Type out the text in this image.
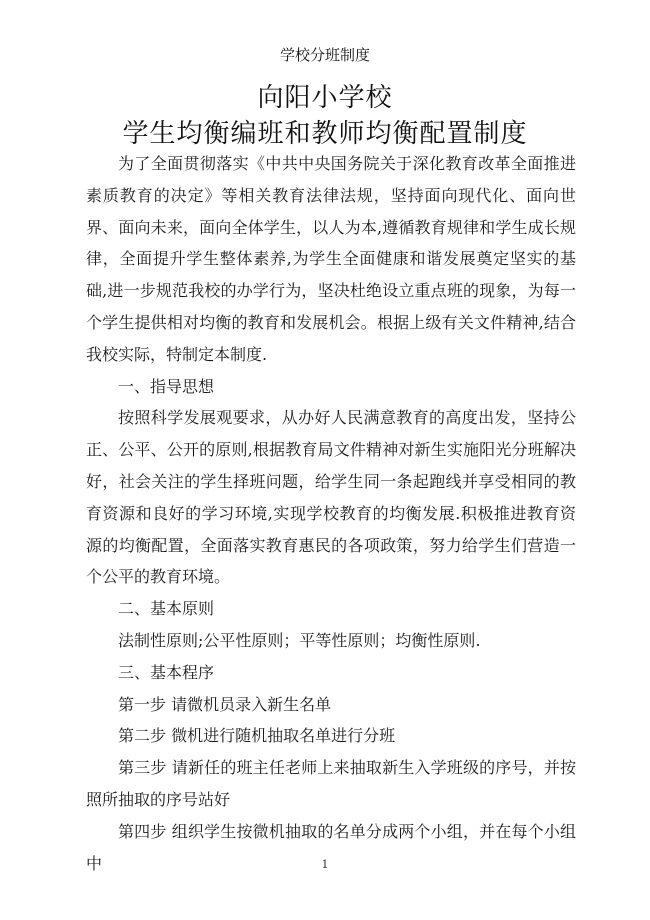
学校分班制度
向阳小学校
学生均衡编班和教师均衡配置制度

为了全面贯彻落实《中共中央国务院关于深化教育改革全面推进素质教育的决定》等相关教育法律法规，坚持面向现代化、面向世界、面向未来，面向全体学生，以人为本,遵循教育规律和学生成长规律，全面提升学生整体素养,为学生全面健康和谐发展奠定坚实的基础,进一步规范我校的办学行为，坚决杜绝设立重点班的现象，为每一个学生提供相对均衡的教育和发展机会。根据上级有关文件精神,结合我校实际，特制定本制度.

一、指导思想

按照科学发展观要求，从办好人民满意教育的高度出发，坚持公正、公平、公开的原则,根据教育局文件精神对新生实施阳光分班解决好，社会关注的学生择班问题，给学生同一条起跑线并享受相同的教育资源和良好的学习环境,实现学校教育的均衡发展.积极推进教育资源的均衡配置，全面落实教育惠民的各项政策，努力给学生们营造一个公平的教育环境。

二、基本原则

法制性原则;公平性原则；平等性原则；均衡性原则.

三、基本程序

第一步 请微机员录入新生名单

第二步 微机进行随机抽取名单进行分班

第三步 请新任的班主任老师上来抽取新生入学班级的序号，并按照所抽取的序号站好

第四步 组织学生按微机抽取的名单分成两个小组，并在每个小组中	1
